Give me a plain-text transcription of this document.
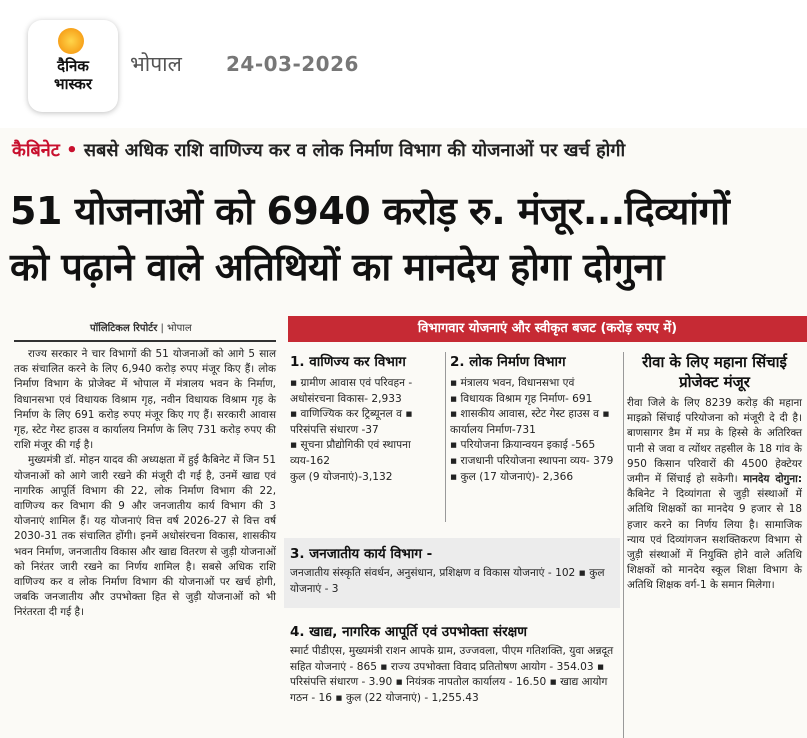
दैनिक
भास्कर
भोपाल 24-03-2026
कैबिनेट • सबसे अधिक राशि वाणिज्य कर व लोक निर्माण विभाग की योजनाओं पर खर्च होगी
51 योजनाओं को 6940 करोड़ रु. मंजूर...दिव्यांगों
को पढ़ाने वाले अतिथियों का मानदेय होगा दोगुना
पॉलिटिकल रिपोर्टर | भोपाल

राज्य सरकार ने चार विभागों की 51 योजनाओं को आगे 5 साल तक संचालित करने के लिए 6,940 करोड़ रुपए मंजूर किए हैं। लोक निर्माण विभाग के प्रोजेक्ट में भोपाल में मंत्रालय भवन के निर्माण, विधानसभा एवं विधायक विश्राम गृह, नवीन विधायक विश्राम गृह के निर्माण के लिए 691 करोड़ रुपए मंजूर किए गए हैं। सरकारी आवास गृह, स्टेट गेस्ट हाउस व कार्यालय निर्माण के लिए 731 करोड़ रुपए की राशि मंजूर की गई है।

मुख्यमंत्री डॉ. मोहन यादव की अध्यक्षता में हुई कैबिनेट में जिन 51 योजनाओं को आगे जारी रखने की मंजूरी दी गई है, उनमें खाद्य एवं नागरिक आपूर्ति विभाग की 22, लोक निर्माण विभाग की 22, वाणिज्य कर विभाग की 9 और जनजातीय कार्य विभाग की 3 योजनाएं शामिल हैं। यह योजनाएं वित्त वर्ष 2026-27 से वित्त वर्ष 2030-31 तक संचालित होंगी। इनमें अधोसंरचना विकास, शासकीय भवन निर्माण, जनजातीय विकास और खाद्य वितरण से जुड़ी योजनाओं को निरंतर जारी रखने का निर्णय शामिल है। सबसे अधिक राशि वाणिज्य कर व लोक निर्माण विभाग की योजनाओं पर खर्च होगी, जबकि जनजातीय और उपभोक्ता हित से जुड़ी योजनाओं को भी निरंतरता दी गई है।

विभागवार योजनाएं और स्वीकृत बजट (करोड़ रुपए में)
1. वाणिज्य कर विभाग
▪ ग्रामीण आवास एवं परिवहन - अधोसंरचना विकास- 2,933
▪ वाणिज्यिक कर ट्रिब्यूनल व ▪ परिसंपत्ति संधारण -37
▪ सूचना प्रौद्योगिकी एवं स्थापना व्यय-162
कुल (9 योजनाएं)-3,132
2. लोक निर्माण विभाग
▪ मंत्रालय भवन, विधानसभा एवं
▪ विधायक विश्राम गृह निर्माण- 691
▪ शासकीय आवास, स्टेट गेस्ट हाउस व ▪ कार्यालय निर्माण-731
▪ परियोजना क्रियान्वयन इकाई -565
▪ राजधानी परियोजना स्थापना व्यय- 379 ▪ कुल (17 योजनाएं)- 2,366
3. जनजातीय कार्य विभाग -
जनजातीय संस्कृति संवर्धन, अनुसंधान, प्रशिक्षण व विकास योजनाएं - 102 ▪ कुल योजनाएं - 3
4. खाद्य, नागरिक आपूर्ति एवं उपभोक्ता संरक्षण
स्मार्ट पीडीएस, मुख्यमंत्री राशन आपके ग्राम, उज्जवला, पीएम गतिशक्ति, युवा अन्नदूत सहित योजनाएं - 865 ▪ राज्य उपभोक्ता विवाद प्रतितोषण आयोग - 354.03 ▪ परिसंपत्ति संधारण - 3.90 ▪ नियंत्रक नापतोल कार्यालय - 16.50 ▪ खाद्य आयोग गठन - 16 ▪ कुल (22 योजनाएं) - 1,255.43
रीवा के लिए महाना सिंचाई प्रोजेक्ट मंजूर
रीवा जिले के लिए 8239 करोड़ की महाना माइक्रो सिंचाई परियोजना को मंजूरी दे दी है। बाणसागर डैम में मप्र के हिस्से के अतिरिक्त पानी से जवा व त्योंथर तहसील के 18 गांव के 950 किसान परिवारों की 4500 हेक्टेयर जमीन में सिंचाई हो सकेगी। मानदेय दोगुना: कैबिनेट ने दिव्यांगता से जुड़ी संस्थाओं में अतिथि शिक्षकों का मानदेय 9 हजार से 18 हजार करने का निर्णय लिया है। सामाजिक न्याय एवं दिव्यांगजन सशक्तिकरण विभाग से जुड़ी संस्थाओं में नियुक्ति होने वाले अतिथि शिक्षकों को मानदेय स्कूल शिक्षा विभाग के अतिथि शिक्षक वर्ग-1 के समान मिलेगा।
